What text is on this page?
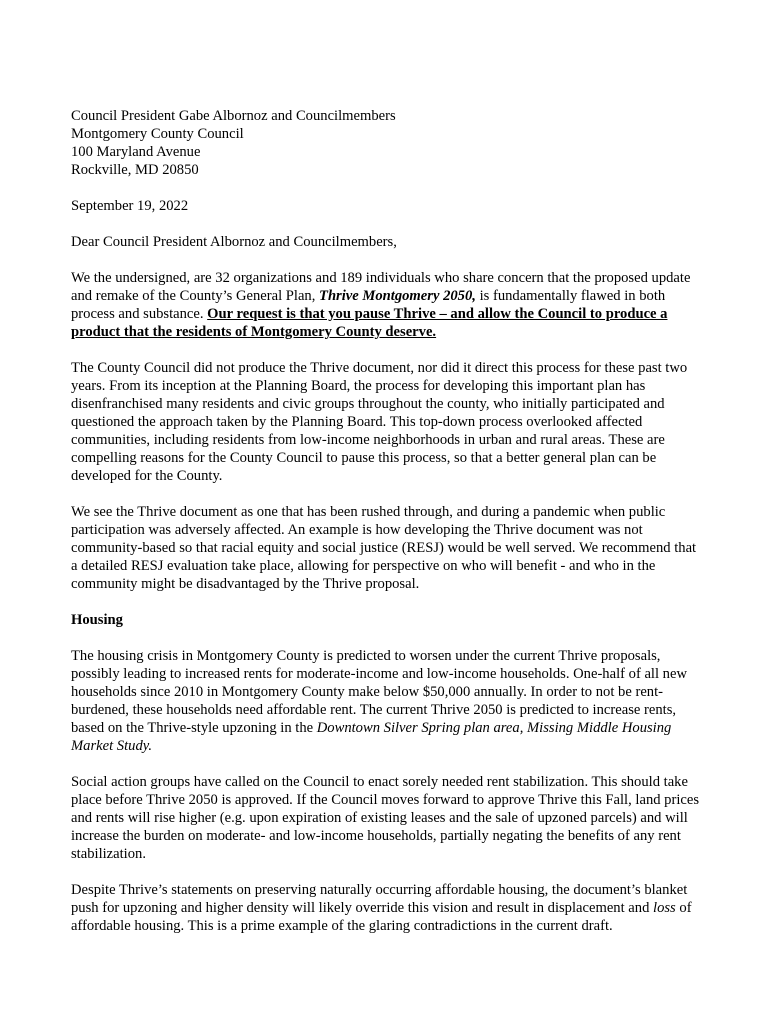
Council President Gabe Albornoz and Councilmembers

Montgomery County Council

100 Maryland Avenue

Rockville, MD 20850

September 19, 2022

Dear Council President Albornoz and Councilmembers,

We the undersigned, are 32 organizations and 189 individuals who share concern that the proposed update and remake of the County’s General Plan, Thrive Montgomery 2050, is fundamentally flawed in both process and substance. Our request is that you pause Thrive – and allow the Council to produce a product that the residents of Montgomery County deserve.

The County Council did not produce the Thrive document, nor did it direct this process for these past two years. From its inception at the Planning Board, the process for developing this important plan has disenfranchised many residents and civic groups throughout the county, who initially participated and questioned the approach taken by the Planning Board. This top-down process overlooked affected communities, including residents from low-income neighborhoods in urban and rural areas. These are compelling reasons for the County Council to pause this process, so that a better general plan can be developed for the County.

We see the Thrive document as one that has been rushed through, and during a pandemic when public participation was adversely affected. An example is how developing the Thrive document was not community-based so that racial equity and social justice (RESJ) would be well served. We recommend that a detailed RESJ evaluation take place, allowing for perspective on who will benefit - and who in the community might be disadvantaged by the Thrive proposal.

Housing

The housing crisis in Montgomery County is predicted to worsen under the current Thrive proposals, possibly leading to increased rents for moderate-income and low-income households. One-half of all new households since 2010 in Montgomery County make below $50,000 annually. In order to not be rent-burdened, these households need affordable rent. The current Thrive 2050 is predicted to increase rents, based on the Thrive-style upzoning in the Downtown Silver Spring plan area, Missing Middle Housing Market Study.

Social action groups have called on the Council to enact sorely needed rent stabilization. This should take place before Thrive 2050 is approved. If the Council moves forward to approve Thrive this Fall, land prices and rents will rise higher (e.g. upon expiration of existing leases and the sale of upzoned parcels) and will increase the burden on moderate- and low-income households, partially negating the benefits of any rent stabilization.

Despite Thrive’s statements on preserving naturally occurring affordable housing, the document’s blanket push for upzoning and higher density will likely override this vision and result in displacement and loss of affordable housing. This is a prime example of the glaring contradictions in the current draft.
